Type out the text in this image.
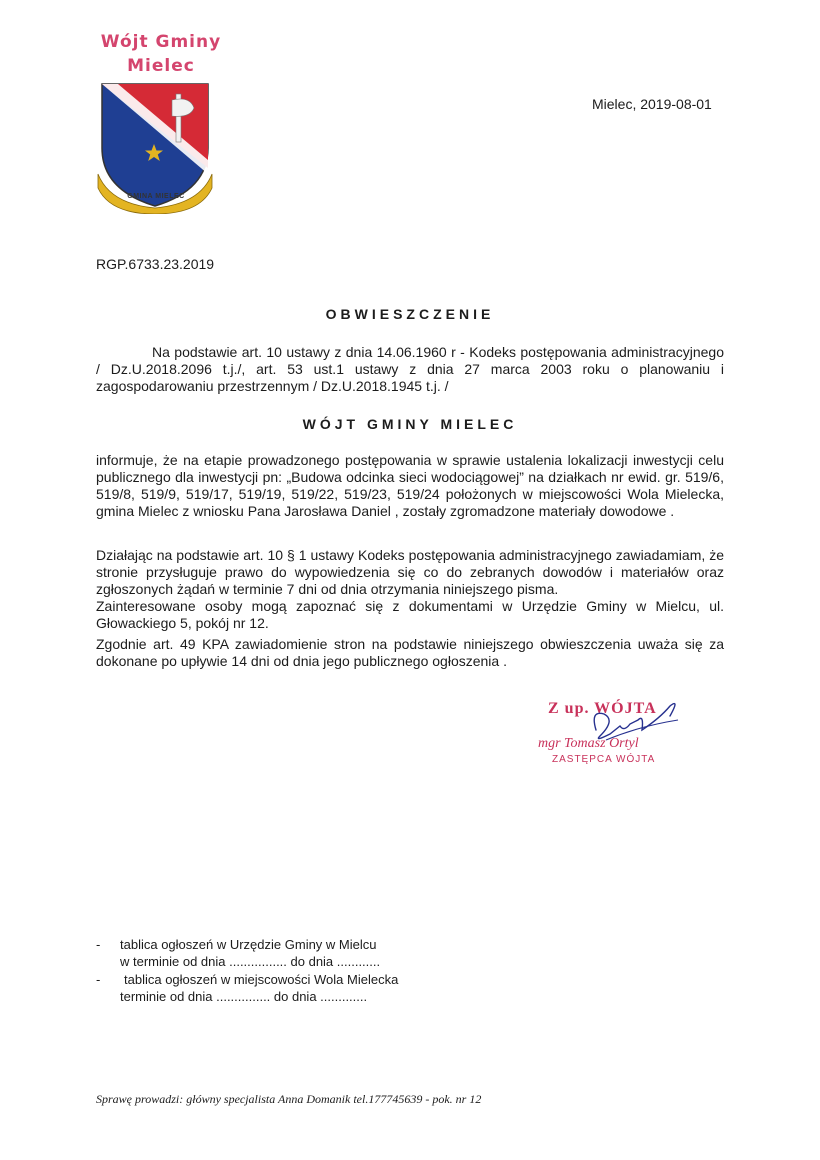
Wójt Gminy
Mielec
GMINA MIELEC
Mielec, 2019-08-01
RGP.6733.23.2019
OBWIESZCZENIE
Na podstawie art. 10 ustawy z dnia 14.06.1960 r - Kodeks postępowania administracyjnego / Dz.U.2018.2096 t.j./, art. 53 ust.1 ustawy z dnia 27 marca 2003 roku o planowaniu i zagospodarowaniu przestrzennym / Dz.U.2018.1945 t.j. /
WÓJT GMINY MIELEC
informuje, że na etapie prowadzonego postępowania w sprawie ustalenia lokalizacji inwestycji celu publicznego dla inwestycji pn: „Budowa odcinka sieci wodociągowej” na działkach nr ewid. gr. 519/6, 519/8, 519/9, 519/17, 519/19, 519/22, 519/23, 519/24 położonych w miejscowości Wola Mielecka, gmina Mielec z wniosku Pana Jarosława Daniel , zostały zgromadzone materiały dowodowe .
Działając na podstawie art. 10 § 1 ustawy Kodeks postępowania administracyjnego zawiadamiam, że stronie przysługuje prawo do wypowiedzenia się co do zebranych dowodów i materiałów oraz zgłoszonych żądań w terminie 7 dni od dnia otrzymania niniejszego pisma.
Zainteresowane osoby mogą zapoznać się z dokumentami w Urzędzie Gminy w Mielcu, ul. Głowackiego 5, pokój nr 12.
Zgodnie art. 49 KPA zawiadomienie stron na podstawie niniejszego obwieszczenia uważa się za dokonane po upływie 14 dni od dnia jego publicznego ogłoszenia .
Z up. WÓJTA
mgr Tomasz Ortyl
ZASTĘPCA WÓJTA
- tablica ogłoszeń w Urzędzie Gminy w Mielcu
w terminie od dnia ................ do dnia ............
- tablica ogłoszeń w miejscowości Wola Mielecka
terminie od dnia ............... do dnia .............
Sprawę prowadzi: główny specjalista Anna Domanik tel.177745639 - pok. nr 12
